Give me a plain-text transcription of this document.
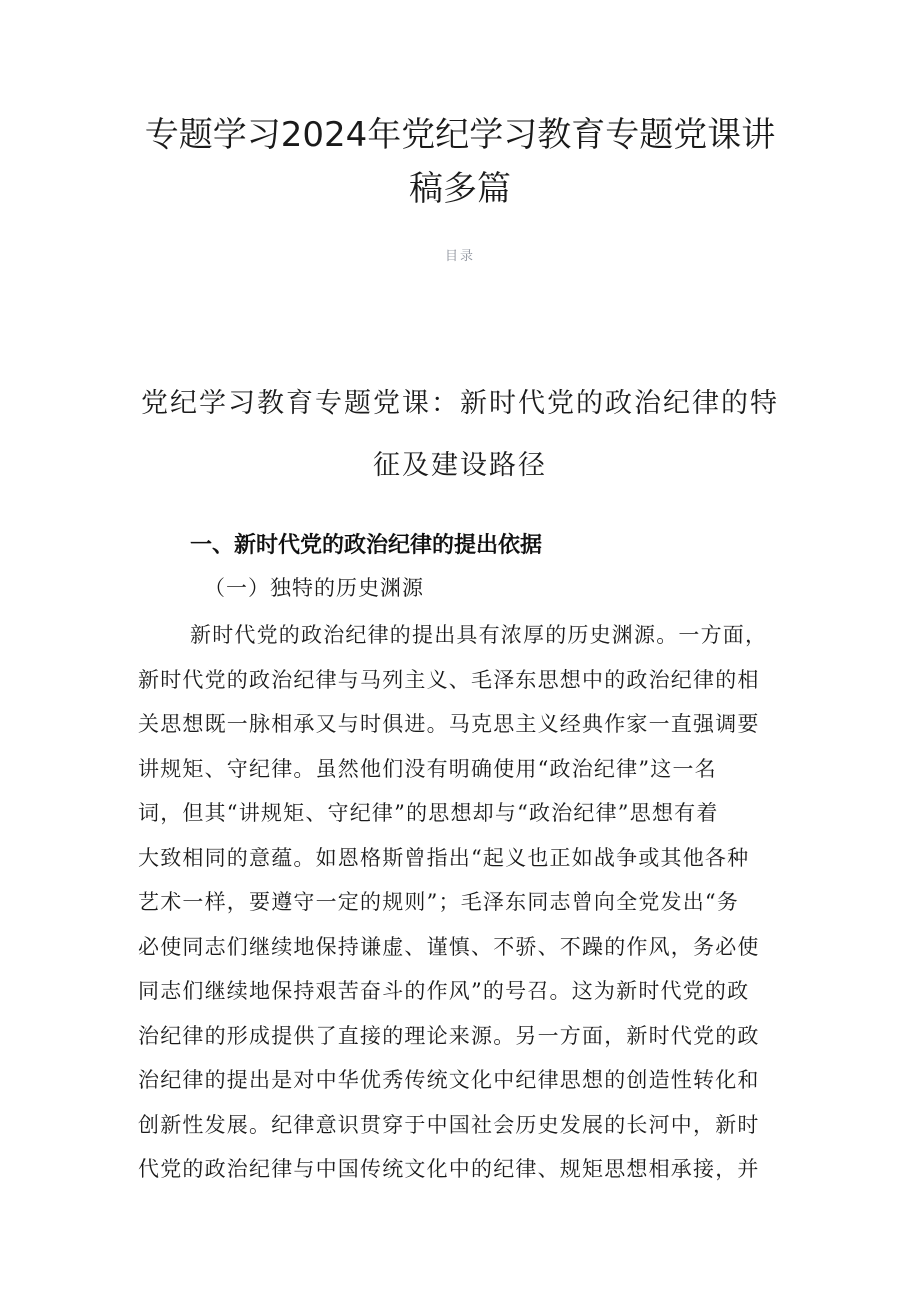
专题学习2024年党纪学习教育专题党课讲
稿多篇
目录
党纪学习教育专题党课：新时代党的政治纪律的特
征及建设路径
一、新时代党的政治纪律的提出依据
（一）独特的历史渊源
新时代党的政治纪律的提出具有浓厚的历史渊源。一方面，
新时代党的政治纪律与马列主义、毛泽东思想中的政治纪律的相
关思想既一脉相承又与时俱进。马克思主义经典作家一直强调要
讲规矩、守纪律。虽然他们没有明确使用“政治纪律”这一名
词，但其“讲规矩、守纪律”的思想却与“政治纪律”思想有着
大致相同的意蕴。如恩格斯曾指出“起义也正如战争或其他各种
艺术一样，要遵守一定的规则”；毛泽东同志曾向全党发出“务
必使同志们继续地保持谦虚、谨慎、不骄、不躁的作风，务必使
同志们继续地保持艰苦奋斗的作风”的号召。这为新时代党的政
治纪律的形成提供了直接的理论来源。另一方面，新时代党的政
治纪律的提出是对中华优秀传统文化中纪律思想的创造性转化和
创新性发展。纪律意识贯穿于中国社会历史发展的长河中，新时
代党的政治纪律与中国传统文化中的纪律、规矩思想相承接，并
